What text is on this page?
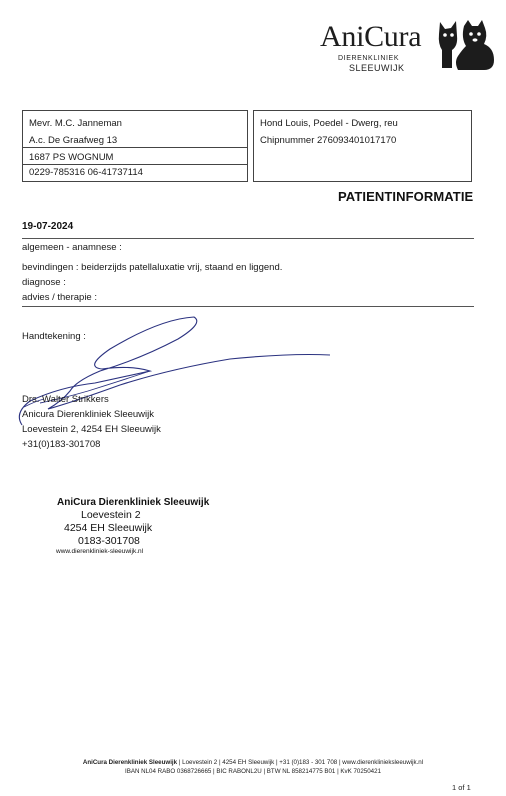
AniCura
DIERENKLINIEK
SLEEUWIJK
Mevr. M.C. Janneman
A.c. De Graafweg 13
1687 PS WOGNUM
0229-785316 06-41737114
Hond Louis, Poedel - Dwerg, reu
Chipnummer 276093401017170
PATIENTINFORMATIE
19-07-2024
algemeen - anamnese :
bevindingen : beiderzijds patellaluxatie vrij, staand en liggend.
diagnose :
advies / therapie :
Handtekening :
Drs. Walter Strikkers
Anicura Dierenkliniek Sleeuwijk
Loevestein 2, 4254 EH Sleeuwijk
+31(0)183-301708
AniCura Dierenkliniek Sleeuwijk
Loevestein 2
4254 EH Sleeuwijk
0183-301708
www.dierenkliniek-sleeuwijk.nl
AniCura Dierenkliniek Sleeuwijk | Loevestein 2 | 4254 EH Sleeuwijk | +31 (0)183 - 301 708 | www.dierenklinieksleeuwijk.nl
IBAN NL04 RABO 0368726665 | BIC RABONL2U | BTW NL 858214775 B01 | KvK 70250421
1 of 1
